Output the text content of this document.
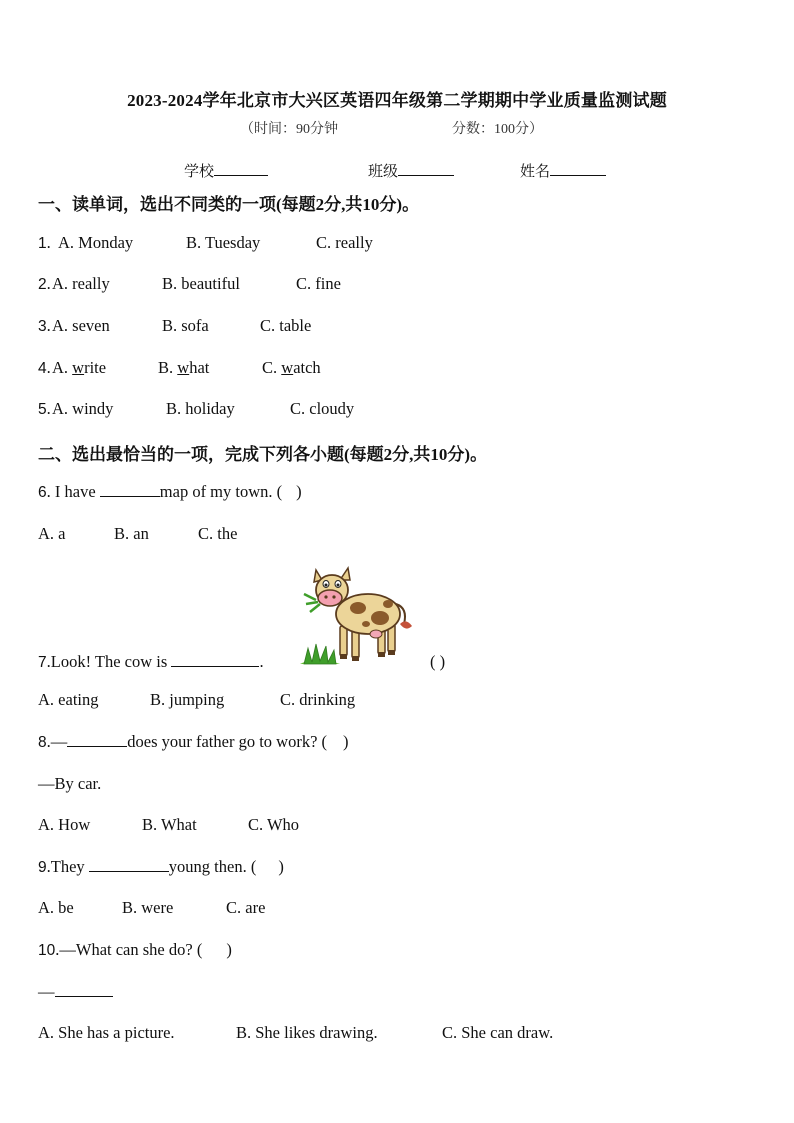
2023-2024学年北京市大兴区英语四年级第二学期期中学业质量监测试题
（时间：90分钟	分数：100分）
学校	班级	姓名
一、读单词，选出不同类的一项(每题2分,共10分)。
1. A. Monday	B. Tuesday	C. really
2. A. really	B. beautiful	C. fine
3. A. seven	B. sofa	C. table
4. A. write	B. what	C. watch
5. A. windy	B. holiday	C. cloudy
二、选出最恰当的一项，完成下列各小题(每题2分,共10分)。
6. I have	map of my town. ( )
A. a	B. an	C. the
7.Look! The cow is	.	( )
A. eating	B. jumping	C. drinking
8.—	does your father go to work? ( )
—By car.
A. How	B. What	C. Who
9.They	young then. ( )
A. be	B. were	C. are
10.—What can she do? ( )
—
A. She has a picture.	B. She likes drawing.	C. She can draw.
